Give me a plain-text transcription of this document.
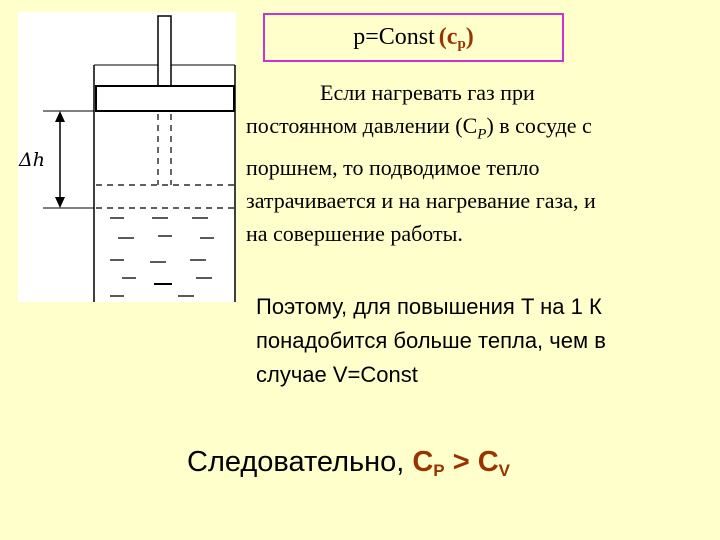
Δh
p=Const $(c_p)$
Если нагревать газ при
постоянном давлении $(C_P)$ в сосуде с
поршнем, то подводимое тепло
затрачивается и на нагревание газа, и
на совершение работы.
Поэтому, для повышения T на 1 К
понадобится больше тепла, чем в
случае V=Const
Следовательно, $C_P > C_V$
